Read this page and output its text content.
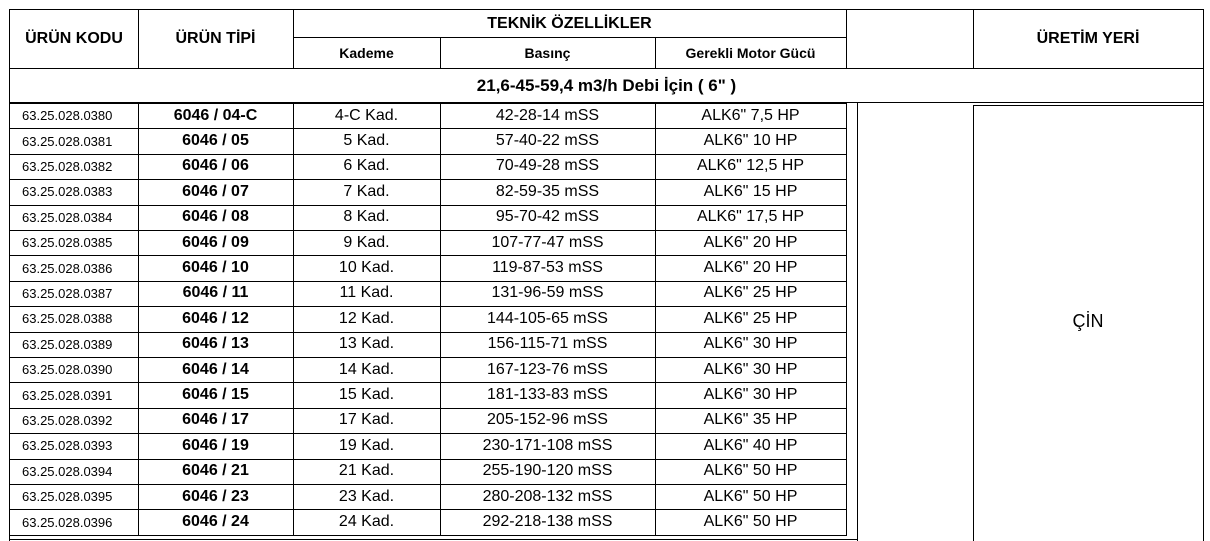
ÜRÜN KODU	ÜRÜN TİPİ
TEKNİK ÖZELLİKLER
Kademe	Basınç	Gerekli Motor Gücü
ÜRETİM YERİ
21,6-45-59,4 m3/h Debi İçin ( 6" )
ÇİN
63.25.028.0380	6046 / 04-C	4-C Kad.	42-28-14 mSS	ALK6" 7,5 HP
63.25.028.0381	6046 / 05	5 Kad.	57-40-22 mSS	ALK6" 10 HP
63.25.028.0382	6046 / 06	6 Kad.	70-49-28 mSS	ALK6" 12,5 HP
63.25.028.0383	6046 / 07	7 Kad.	82-59-35 mSS	ALK6" 15 HP
63.25.028.0384	6046 / 08	8 Kad.	95-70-42 mSS	ALK6" 17,5 HP
63.25.028.0385	6046 / 09	9 Kad.	107-77-47 mSS	ALK6" 20 HP
63.25.028.0386	6046 / 10	10 Kad.	119-87-53 mSS	ALK6" 20 HP
63.25.028.0387	6046 / 11	11 Kad.	131-96-59 mSS	ALK6" 25 HP
63.25.028.0388	6046 / 12	12 Kad.	144-105-65 mSS	ALK6" 25 HP
63.25.028.0389	6046 / 13	13 Kad.	156-115-71 mSS	ALK6" 30 HP
63.25.028.0390	6046 / 14	14 Kad.	167-123-76 mSS	ALK6" 30 HP
63.25.028.0391	6046 / 15	15 Kad.	181-133-83 mSS	ALK6" 30 HP
63.25.028.0392	6046 / 17	17 Kad.	205-152-96 mSS	ALK6" 35 HP
63.25.028.0393	6046 / 19	19 Kad.	230-171-108 mSS	ALK6" 40 HP
63.25.028.0394	6046 / 21	21 Kad.	255-190-120 mSS	ALK6" 50 HP
63.25.028.0395	6046 / 23	23 Kad.	280-208-132 mSS	ALK6" 50 HP
63.25.028.0396	6046 / 24	24 Kad.	292-218-138 mSS	ALK6" 50 HP
